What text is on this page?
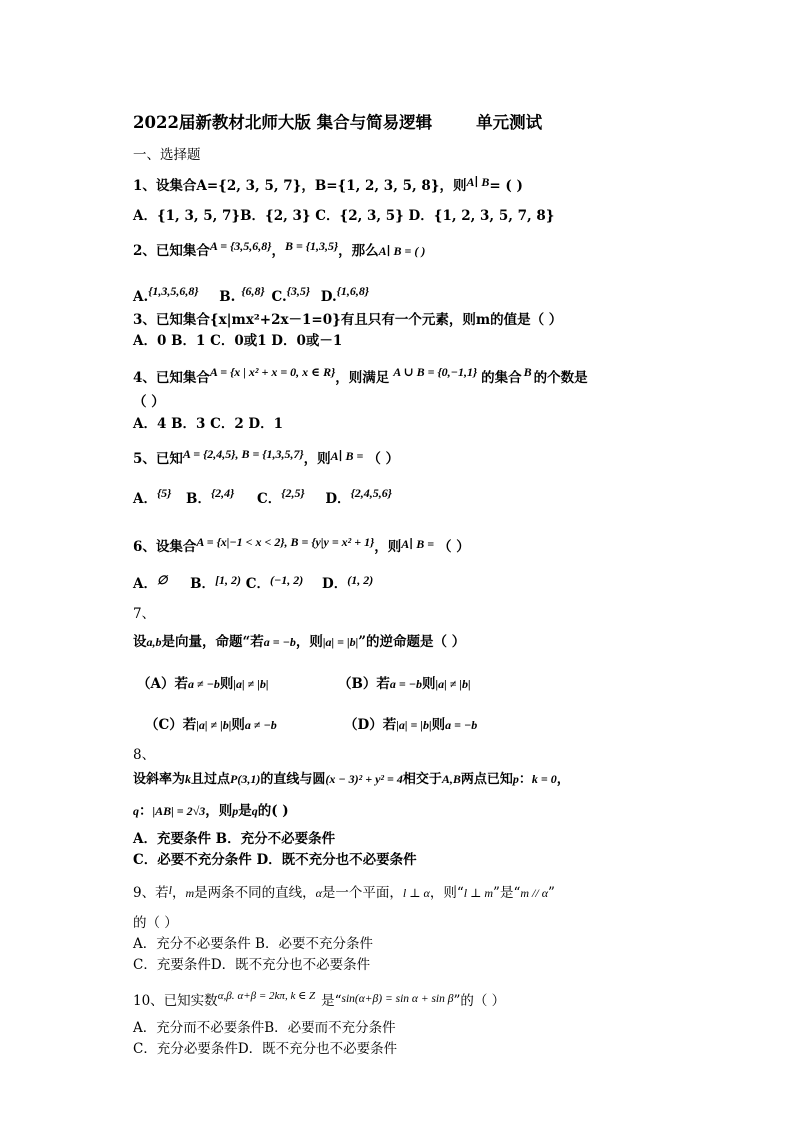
2022届新教材北师大版 集合与简易逻辑	单元测试
一、选择题
1、设集合A={2, 3, 5, 7}，B={1, 2, 3, 5, 8}，则A∣ B= ( )
A．{1, 3, 5, 7}B．{2, 3} C．{2, 3, 5} D．{1, 2, 3, 5, 7, 8}
2、已知集合A = {3,5,6,8}，B = {1,3,5}，那么A∣ B = ( )
A.{1,3,5,6,8} B. {6,8} C.{3,5} D.{1,6,8}
3、已知集合{x|mx²+2x－1=0}有且只有一个元素，则m的值是（ ）
A．0 B．1 C．0或1 D．0或－1
4、已知集合A = {x | x² + x = 0, x ∈ R}，则满足 A ∪ B = {0,−1,1} 的集合 B 的个数是
（ ）
A．4 B．3 C．2 D．1
5、已知A = {2,4,5}, B = {1,3,5,7}，则A∣ B = （ ）
A．{5} B．{2,4} C．{2,5} D．{2,4,5,6}
6、设集合A = {x|−1 < x < 2}, B = {y|y = x² + 1}，则A∣ B = （ ）
A．∅ B．[1, 2) C．(−1, 2) D．(1, 2)
7、
设a,b是向量，命题“若a = −b，则|a| = |b|”的逆命题是（ ）
（A）若a ≠ −b则|a| ≠ |b|	（B）若a = −b则|a| ≠ |b|
（C）若|a| ≠ |b|则a ≠ −b	（D）若|a| = |b|则a = −b
8、
设斜率为k且过点P(3,1)的直线与圆(x − 3)² + y² = 4相交于A,B两点已知p：k = 0，
q：|AB| = 2√3，则p是q的( )
A．充要条件 B．充分不必要条件
C．必要不充分条件 D．既不充分也不必要条件
9、若l，m是两条不同的直线，α是一个平面，l ⊥ α，则“l ⊥ m”是“m // α”
的（ ）
A．充分不必要条件 B．必要不充分条件
C．充要条件D．既不充分也不必要条件
10、已知实数$^{\alpha,\beta.}$ $^{\alpha+\beta = 2k\pi, k \in Z}$ 是“sin(α+β) = sin α + sin β”的（ ）
A．充分而不必要条件B．必要而不充分条件
C．充分必要条件D．既不充分也不必要条件
